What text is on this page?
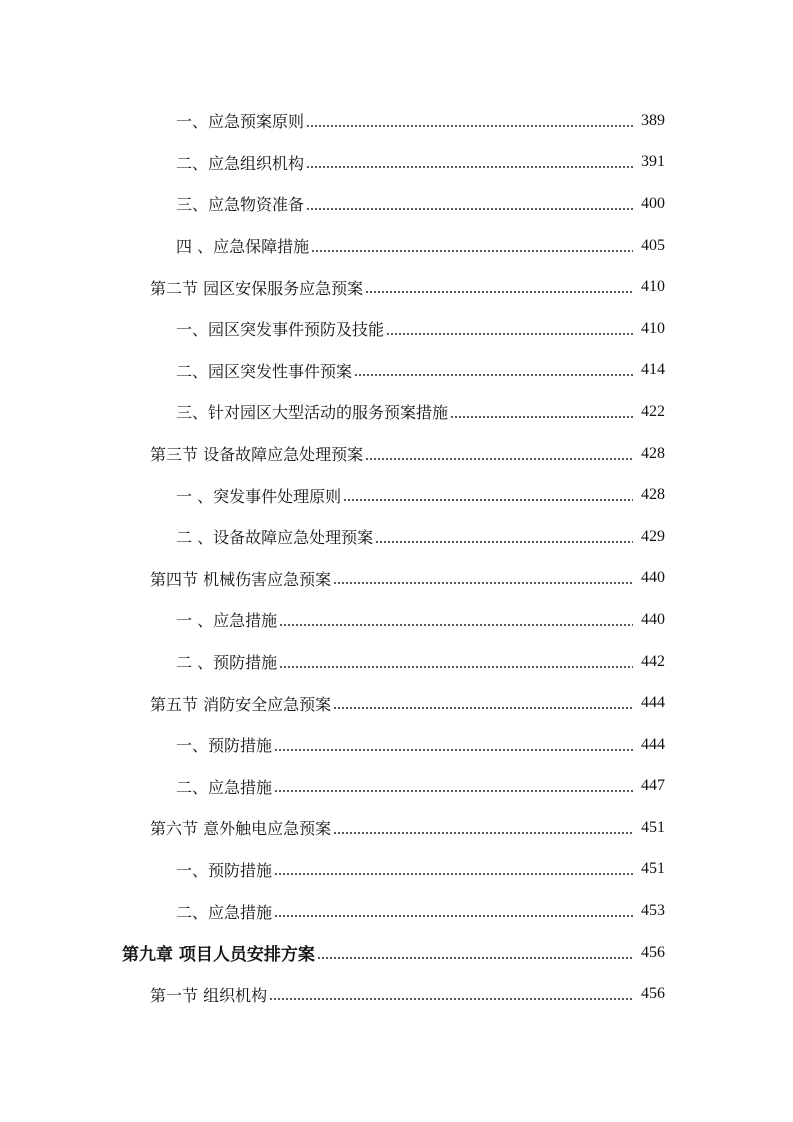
一、应急预案原则	389
二、应急组织机构	391
三、应急物资准备	400
四 、应急保障措施	405
第二节 园区安保服务应急预案	410
一、园区突发事件预防及技能	410
二、园区突发性事件预案	414
三、针对园区大型活动的服务预案措施	422
第三节 设备故障应急处理预案	428
一 、突发事件处理原则	428
二 、设备故障应急处理预案	429
第四节 机械伤害应急预案	440
一 、应急措施	440
二 、预防措施	442
第五节 消防安全应急预案	444
一、预防措施	444
二、应急措施	447
第六节 意外触电应急预案	451
一、预防措施	451
二、应急措施	453
第九章 项目人员安排方案	456
第一节 组织机构	456
